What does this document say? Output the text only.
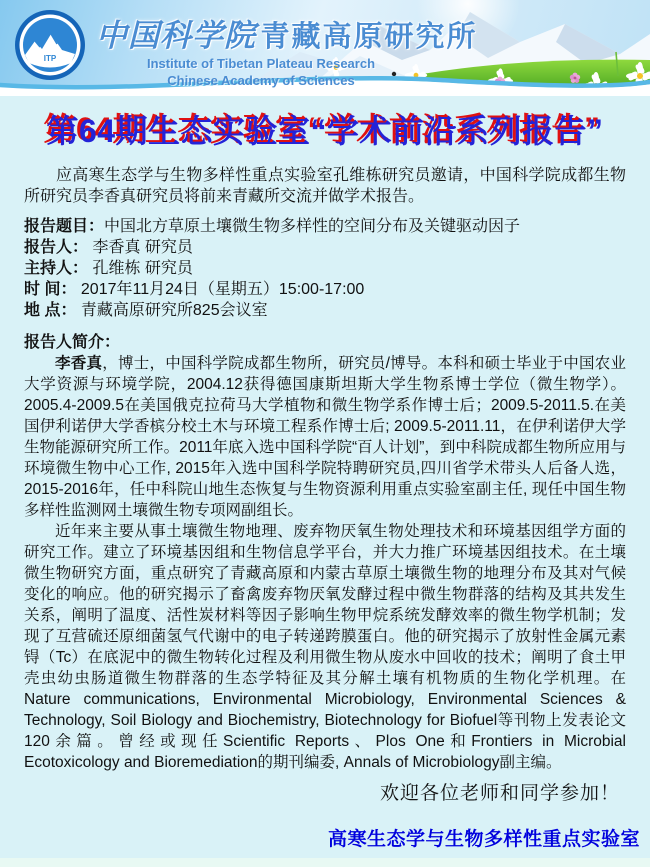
ITP
中国科学院 青藏高原研究所
Institute of Tibetan Plateau Research
Chinese Academy of Sciences
第64期生态实验室“学术前沿系列报告”

应高寒生态学与生物多样性重点实验室孔维栋研究员邀请，中国科学院成都生物所研究员李香真研究员将前来青藏所交流并做学术报告。

报告题目：中国北方草原土壤微生物多样性的空间分布及关键驱动因子
报告人： 李香真 研究员
主持人： 孔维栋 研究员
时 间： 2017年11月24日（星期五）15:00-17:00
地 点： 青藏高原研究所825会议室
报告人简介：

李香真，博士，中国科学院成都生物所，研究员/博导。本科和硕士毕业于中国农业大学资源与环境学院，2004.12获得德国康斯坦斯大学生物系博士学位（微生物学）。2005.4-2009.5在美国俄克拉荷马大学植物和微生物学系作博士后；2009.5-2011.5.在美国伊利诺伊大学香槟分校土木与环境工程系作博士后; 2009.5-2011.11，在伊利诺伊大学生物能源研究所工作。2011年底入选中国科学院“百人计划”，到中科院成都生物所应用与环境微生物中心工作, 2015年入选中国科学院特聘研究员,四川省学术带头人后备人选，2015-2016年，任中科院山地生态恢复与生物资源利用重点实验室副主任, 现任中国生物多样性监测网土壤微生物专项网副组长。

近年来主要从事土壤微生物地理、废弃物厌氧生物处理技术和环境基因组学方面的研究工作。建立了环境基因组和生物信息学平台，并大力推广环境基因组技术。在土壤微生物研究方面，重点研究了青藏高原和内蒙古草原土壤微生物的地理分布及其对气候变化的响应。他的研究揭示了畜禽废弃物厌氧发酵过程中微生物群落的结构及其共发生关系，阐明了温度、活性炭材料等因子影响生物甲烷系统发酵效率的微生物学机制；发现了互营硫还原细菌氢气代谢中的电子转递跨膜蛋白。他的研究揭示了放射性金属元素锝（Tc）在底泥中的微生物转化过程及利用微生物从废水中回收的技术；阐明了食土甲壳虫幼虫肠道微生物群落的生态学特征及其分解土壤有机物质的生物化学机理。在Nature communications, Environmental Microbiology, Environmental Sciences & Technology, Soil Biology and Biochemistry, Biotechnology for Biofuel等刊物上发表论文120余篇。曾经或现任Scientific Reports、Plos One和Frontiers in Microbial Ecotoxicology and Bioremediation的期刊编委, Annals of Microbiology副主编。

欢迎各位老师和同学参加！
高寒生态学与生物多样性重点实验室
